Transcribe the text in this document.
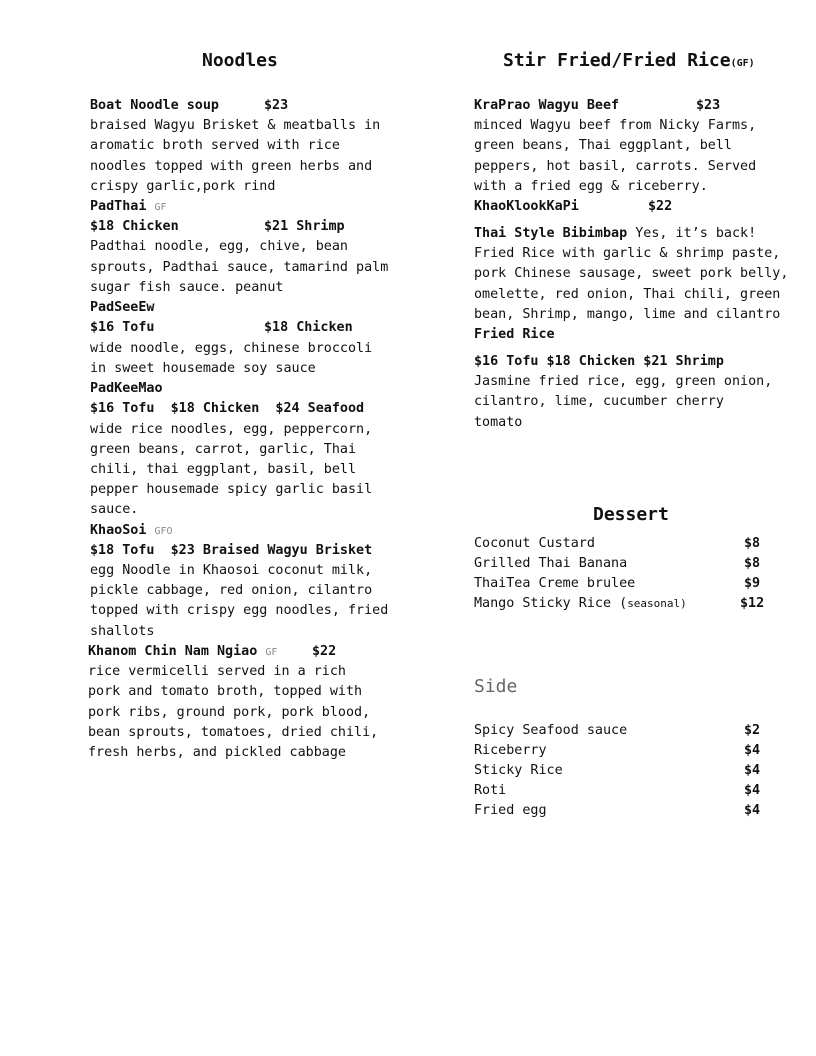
Noodles
Boat Noodle soup	$23
braised Wagyu Brisket & meatballs in
aromatic broth served with rice
noodles topped with green herbs and
crispy garlic,pork rind
PadThai GF
$18 Chicken	$21 Shrimp
Padthai noodle, egg, chive, bean
sprouts, Padthai sauce, tamarind palm
sugar fish sauce. peanut
PadSeeEw
$16 Tofu	$18 Chicken
wide noodle, eggs, chinese broccoli
in sweet housemade soy sauce
PadKeeMao
$16 Tofu  $18 Chicken  $24 Seafood
wide rice noodles, egg, peppercorn,
green beans, carrot, garlic, Thai
chili, thai eggplant, basil, bell
pepper housemade spicy garlic basil
sauce.
KhaoSoi GFO
$18 Tofu  $23 Braised Wagyu Brisket
egg Noodle in Khaosoi coconut milk,
pickle cabbage, red onion, cilantro
topped with crispy egg noodles, fried
shallots
Khanom Chin Nam Ngiao GF	$22
rice vermicelli served in a rich
pork and tomato broth, topped with
pork ribs, ground pork, pork blood,
bean sprouts, tomatoes, dried chili,
fresh herbs, and pickled cabbage
Stir Fried/Fried Rice(GF)
KraPrao Wagyu Beef	$23
minced Wagyu beef from Nicky Farms,
green beans, Thai eggplant, bell
peppers, hot basil, carrots. Served
with a fried egg & riceberry.
KhaoKlookKaPi	$22
Thai Style Bibimbap Yes, it’s back!
Fried Rice with garlic & shrimp paste,
pork Chinese sausage, sweet pork belly,
omelette, red onion, Thai chili, green
bean, Shrimp, mango, lime and cilantro
Fried Rice
$16 Tofu $18 Chicken $21 Shrimp
Jasmine fried rice, egg, green onion,
cilantro, lime, cucumber cherry
tomato
Dessert
Coconut Custard	$8
Grilled Thai Banana	$8
ThaiTea Creme brulee	$9
Mango Sticky Rice (seasonal)	$12
Side
Spicy Seafood sauce	$2
Riceberry	$4
Sticky Rice	$4
Roti	$4
Fried egg	$4
